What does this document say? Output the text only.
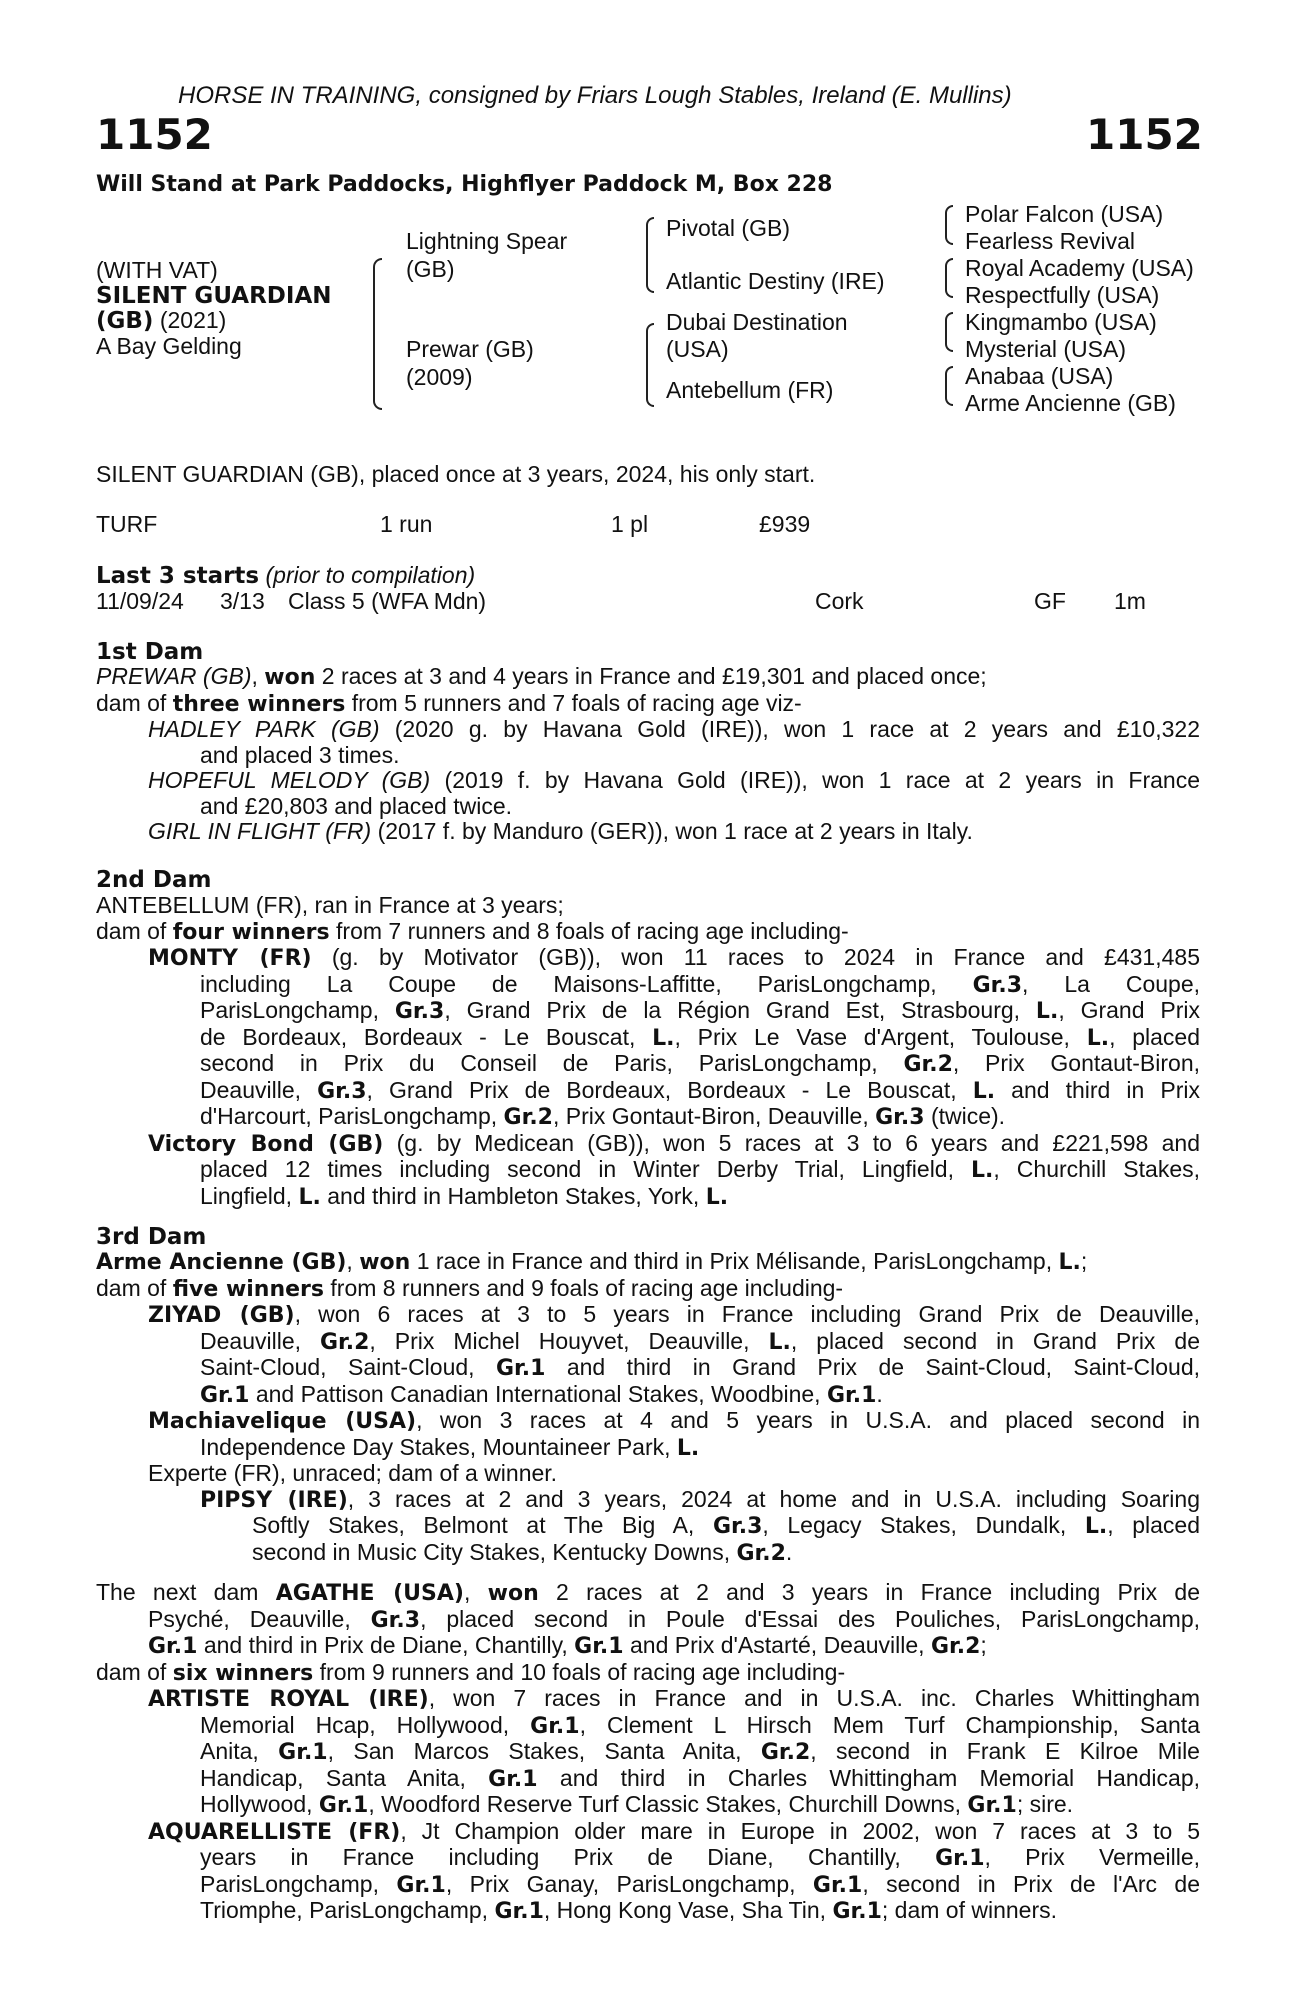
HORSE IN TRAINING, consigned by Friars Lough Stables, Ireland (E. Mullins)
1152	1152
Will Stand at Park Paddocks, Highflyer Paddock M, Box 228
(WITH VAT)
SILENT GUARDIAN
(GB) (2021)
A Bay Gelding
Lightning Spear
(GB)
Prewar (GB)
(2009)
Pivotal (GB)
Atlantic Destiny (IRE)
Dubai Destination
(USA)
Antebellum (FR)
Polar Falcon (USA)
Fearless Revival
Royal Academy (USA)
Respectfully (USA)
Kingmambo (USA)
Mysterial (USA)
Anabaa (USA)
Arme Ancienne (GB)
SILENT GUARDIAN (GB), placed once at 3 years, 2024, his only start.
TURF	1 run	1 pl	£939
Last 3 starts (prior to compilation)
11/09/24 3/13 Class 5 (WFA Mdn)	Cork	GF 1m
1st Dam
PREWAR (GB), won 2 races at 3 and 4 years in France and £19,301 and placed once;
dam of three winners from 5 runners and 7 foals of racing age viz-
HADLEY PARK (GB) (2020 g. by Havana Gold (IRE)), won 1 race at 2 years and £10,322
and placed 3 times.
HOPEFUL MELODY (GB) (2019 f. by Havana Gold (IRE)), won 1 race at 2 years in France
and £20,803 and placed twice.
GIRL IN FLIGHT (FR) (2017 f. by Manduro (GER)), won 1 race at 2 years in Italy.
2nd Dam
ANTEBELLUM (FR), ran in France at 3 years;
dam of four winners from 7 runners and 8 foals of racing age including-
MONTY (FR) (g. by Motivator (GB)), won 11 races to 2024 in France and £431,485
including La Coupe de Maisons-Laffitte, ParisLongchamp, Gr.3, La Coupe,
ParisLongchamp, Gr.3, Grand Prix de la Région Grand Est, Strasbourg, L., Grand Prix
de Bordeaux, Bordeaux - Le Bouscat, L., Prix Le Vase d'Argent, Toulouse, L., placed
second in Prix du Conseil de Paris, ParisLongchamp, Gr.2, Prix Gontaut-Biron,
Deauville, Gr.3, Grand Prix de Bordeaux, Bordeaux - Le Bouscat, L. and third in Prix
d'Harcourt, ParisLongchamp, Gr.2, Prix Gontaut-Biron, Deauville, Gr.3 (twice).
Victory Bond (GB) (g. by Medicean (GB)), won 5 races at 3 to 6 years and £221,598 and
placed 12 times including second in Winter Derby Trial, Lingfield, L., Churchill Stakes,
Lingfield, L. and third in Hambleton Stakes, York, L.
3rd Dam
Arme Ancienne (GB), won 1 race in France and third in Prix Mélisande, ParisLongchamp, L.;
dam of five winners from 8 runners and 9 foals of racing age including-
ZIYAD (GB), won 6 races at 3 to 5 years in France including Grand Prix de Deauville,
Deauville, Gr.2, Prix Michel Houyvet, Deauville, L., placed second in Grand Prix de
Saint-Cloud, Saint-Cloud, Gr.1 and third in Grand Prix de Saint-Cloud, Saint-Cloud,
Gr.1 and Pattison Canadian International Stakes, Woodbine, Gr.1.
Machiavelique (USA), won 3 races at 4 and 5 years in U.S.A. and placed second in
Independence Day Stakes, Mountaineer Park, L.
Experte (FR), unraced; dam of a winner.
PIPSY (IRE), 3 races at 2 and 3 years, 2024 at home and in U.S.A. including Soaring
Softly Stakes, Belmont at The Big A, Gr.3, Legacy Stakes, Dundalk, L., placed
second in Music City Stakes, Kentucky Downs, Gr.2.
The next dam AGATHE (USA), won 2 races at 2 and 3 years in France including Prix de
Psyché, Deauville, Gr.3, placed second in Poule d'Essai des Pouliches, ParisLongchamp,
Gr.1 and third in Prix de Diane, Chantilly, Gr.1 and Prix d'Astarté, Deauville, Gr.2;
dam of six winners from 9 runners and 10 foals of racing age including-
ARTISTE ROYAL (IRE), won 7 races in France and in U.S.A. inc. Charles Whittingham
Memorial Hcap, Hollywood, Gr.1, Clement L Hirsch Mem Turf Championship, Santa
Anita, Gr.1, San Marcos Stakes, Santa Anita, Gr.2, second in Frank E Kilroe Mile
Handicap, Santa Anita, Gr.1 and third in Charles Whittingham Memorial Handicap,
Hollywood, Gr.1, Woodford Reserve Turf Classic Stakes, Churchill Downs, Gr.1; sire.
AQUARELLISTE (FR), Jt Champion older mare in Europe in 2002, won 7 races at 3 to 5
years in France including Prix de Diane, Chantilly, Gr.1, Prix Vermeille,
ParisLongchamp, Gr.1, Prix Ganay, ParisLongchamp, Gr.1, second in Prix de l'Arc de
Triomphe, ParisLongchamp, Gr.1, Hong Kong Vase, Sha Tin, Gr.1; dam of winners.
